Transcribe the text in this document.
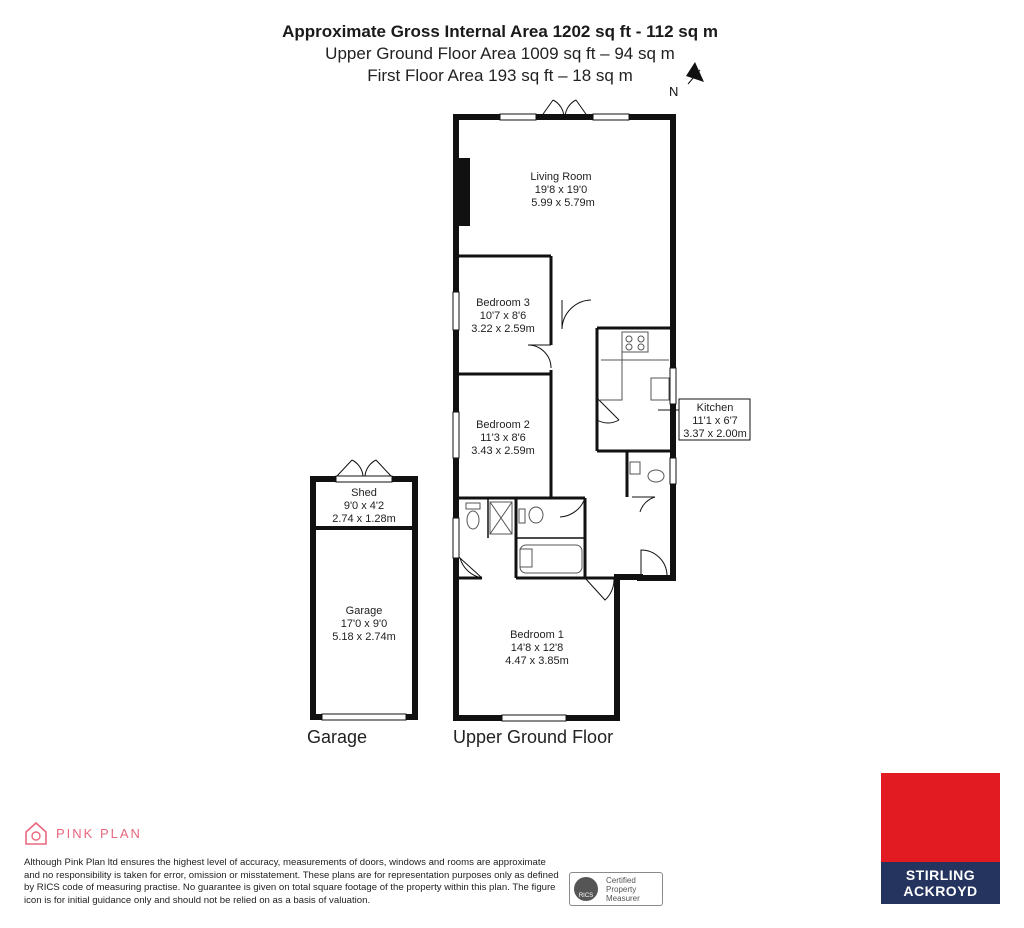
Approximate Gross Internal Area 1202 sq ft - 112 sq m
Upper Ground Floor Area 1009 sq ft – 94 sq m
First Floor Area 193 sq ft – 18 sq m
N
Living Room
19'8 x 19'0
5.99 x 5.79m
Bedroom 3
10'7 x 8'6
3.22 x 2.59m
Bedroom 2
11'3 x 8'6
3.43 x 2.59m
Kitchen
11'1 x 6'7
3.37 x 2.00m
Bedroom 1
14'8 x 12'8
4.47 x 3.85m
Shed
9'0 x 4'2
2.74 x 1.28m
Garage
17'0 x 9'0
5.18 x 2.74m
Garage	Upper Ground Floor
PINK PLAN
Although Pink Plan ltd ensures the highest level of accuracy, measurements of doors, windows and rooms are approximate and no responsibility is taken for error, omission or misstatement. These plans are for representation purposes only as defined by RICS code of measuring practise. No guarantee is given on total square footage of the property within this plan. The figure icon is for initial guidance only and should not be relied on as a basis of valuation.	RICS
Certified
Property
Measurer
STIRLING
ACKROYD
